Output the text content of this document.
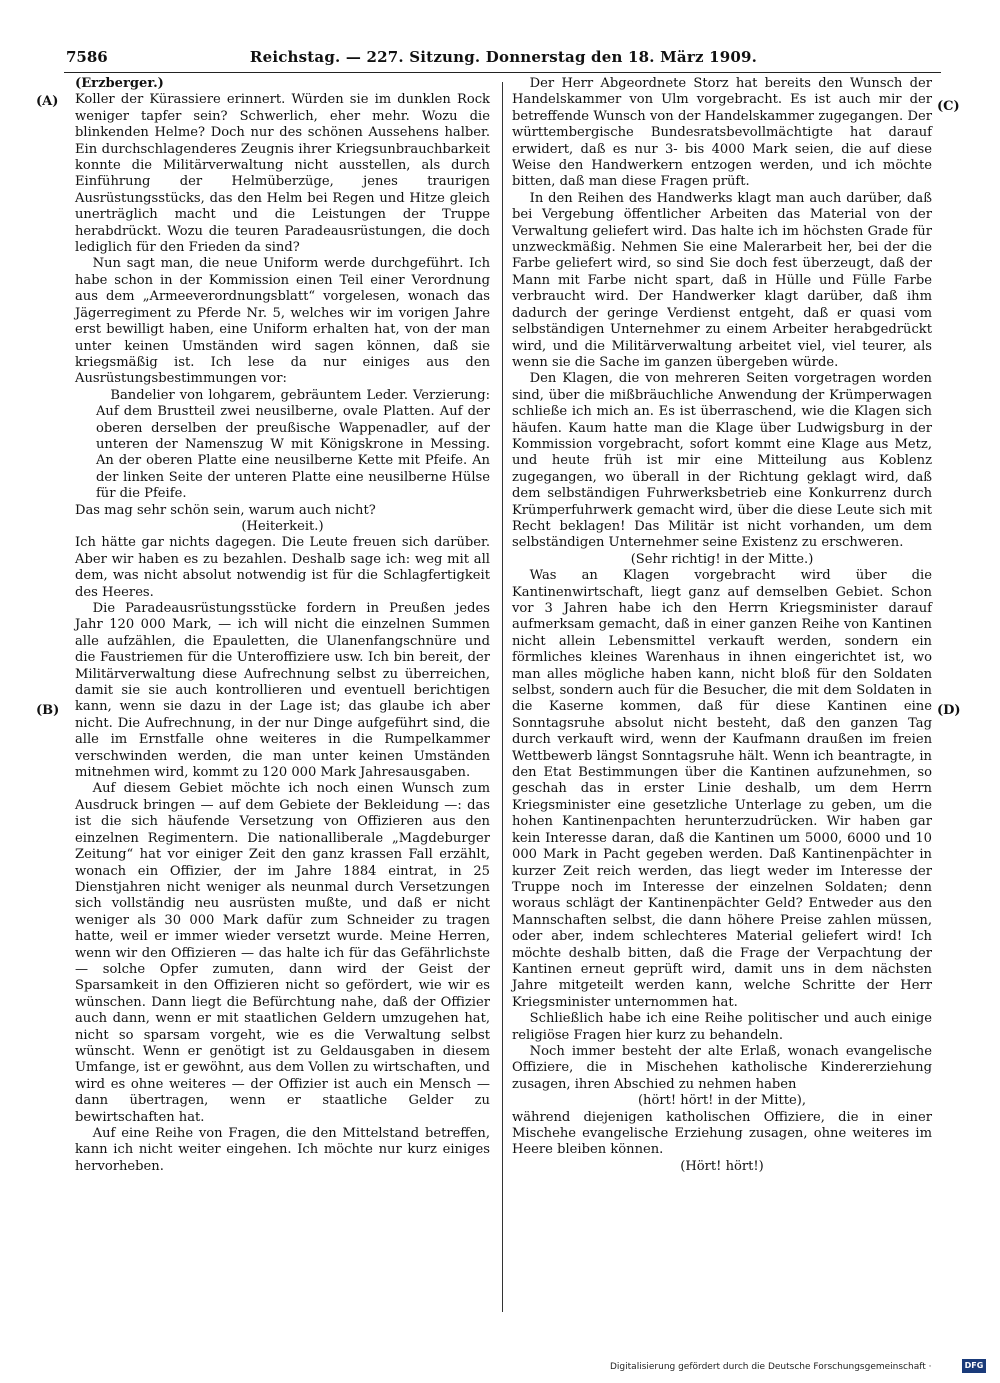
7586	Reichstag. — 227. Sitzung. Donnerstag den 18. März 1909.
(A)
(B)
(C)
(D)

(Erzberger.)

Koller der Kürassiere erinnert. Würden sie im dunklen Rock weniger tapfer sein? Schwerlich, eher mehr. Wozu die blinkenden Helme? Doch nur des schönen Aussehens halber. Ein durchschlagenderes Zeugnis ihrer Kriegsunbrauchbarkeit konnte die Militärverwaltung nicht ausstellen, als durch Einführung der Helmüberzüge, jenes traurigen Ausrüstungsstücks, das den Helm bei Regen und Hitze gleich unerträglich macht und die Leistungen der Truppe herabdrückt. Wozu die teuren Paradeausrüstungen, die doch lediglich für den Frieden da sind?

Nun sagt man, die neue Uniform werde durchgeführt. Ich habe schon in der Kommission einen Teil einer Verordnung aus dem „Armeeverordnungsblatt“ vorgelesen, wonach das Jägerregiment zu Pferde Nr. 5, welches wir im vorigen Jahre erst bewilligt haben, eine Uniform erhalten hat, von der man unter keinen Umständen wird sagen können, daß sie kriegsmäßig ist. Ich lese da nur einiges aus den Ausrüstungsbestimmungen vor:

Bandelier von lohgarem, gebräuntem Leder. Verzierung: Auf dem Brustteil zwei neusilberne, ovale Platten. Auf der oberen derselben der preußische Wappenadler, auf der unteren der Namenszug W mit Königskrone in Messing. An der oberen Platte eine neusilberne Kette mit Pfeife. An der linken Seite der unteren Platte eine neusilberne Hülse für die Pfeife.

Das mag sehr schön sein, warum auch nicht?

(Heiterkeit.)

Ich hätte gar nichts dagegen. Die Leute freuen sich darüber. Aber wir haben es zu bezahlen. Deshalb sage ich: weg mit all dem, was nicht absolut notwendig ist für die Schlagfertigkeit des Heeres.

Die Paradeausrüstungsstücke fordern in Preußen jedes Jahr 120 000 Mark, — ich will nicht die einzelnen Summen alle aufzählen, die Epauletten, die Ulanenfangschnüre und die Faustriemen für die Unteroffiziere usw. Ich bin bereit, der Militärverwaltung diese Aufrechnung selbst zu überreichen, damit sie sie auch kontrollieren und eventuell berichtigen kann, wenn sie dazu in der Lage ist; das glaube ich aber nicht. Die Aufrechnung, in der nur Dinge aufgeführt sind, die alle im Ernstfalle ohne weiteres in die Rumpelkammer verschwinden werden, die man unter keinen Umständen mitnehmen wird, kommt zu 120 000 Mark Jahresausgaben.

Auf diesem Gebiet möchte ich noch einen Wunsch zum Ausdruck bringen — auf dem Gebiete der Bekleidung —: das ist die sich häufende Versetzung von Offizieren aus den einzelnen Regimentern. Die nationalliberale „Magdeburger Zeitung“ hat vor einiger Zeit den ganz krassen Fall erzählt, wonach ein Offizier, der im Jahre 1884 eintrat, in 25 Dienstjahren nicht weniger als neunmal durch Versetzungen sich vollständig neu ausrüsten mußte, und daß er nicht weniger als 30 000 Mark dafür zum Schneider zu tragen hatte, weil er immer wieder versetzt wurde. Meine Herren, wenn wir den Offizieren — das halte ich für das Gefährlichste — solche Opfer zumuten, dann wird der Geist der Sparsamkeit in den Offizieren nicht so gefördert, wie wir es wünschen. Dann liegt die Befürchtung nahe, daß der Offizier auch dann, wenn er mit staatlichen Geldern umzugehen hat, nicht so sparsam vorgeht, wie es die Verwaltung selbst wünscht. Wenn er genötigt ist zu Geldausgaben in diesem Umfange, ist er gewöhnt, aus dem Vollen zu wirtschaften, und wird es ohne weiteres — der Offizier ist auch ein Mensch — dann übertragen, wenn er staatliche Gelder zu bewirtschaften hat.

Auf eine Reihe von Fragen, die den Mittelstand betreffen, kann ich nicht weiter eingehen. Ich möchte nur kurz einiges hervorheben.

Der Herr Abgeordnete Storz hat bereits den Wunsch der Handelskammer von Ulm vorgebracht. Es ist auch mir der betreffende Wunsch von der Handelskammer zugegangen. Der württembergische Bundesratsbevollmächtigte hat darauf erwidert, daß es nur 3- bis 4000 Mark seien, die auf diese Weise den Handwerkern entzogen werden, und ich möchte bitten, daß man diese Fragen prüft.

In den Reihen des Handwerks klagt man auch darüber, daß bei Vergebung öffentlicher Arbeiten das Material von der Verwaltung geliefert wird. Das halte ich im höchsten Grade für unzweckmäßig. Nehmen Sie eine Malerarbeit her, bei der die Farbe geliefert wird, so sind Sie doch fest überzeugt, daß der Mann mit Farbe nicht spart, daß in Hülle und Fülle Farbe verbraucht wird. Der Handwerker klagt darüber, daß ihm dadurch der geringe Verdienst entgeht, daß er quasi vom selbständigen Unternehmer zu einem Arbeiter herabgedrückt wird, und die Militärverwaltung arbeitet viel, viel teurer, als wenn sie die Sache im ganzen übergeben würde.

Den Klagen, die von mehreren Seiten vorgetragen worden sind, über die mißbräuchliche Anwendung der Krümperwagen schließe ich mich an. Es ist überraschend, wie die Klagen sich häufen. Kaum hatte man die Klage über Ludwigsburg in der Kommission vorgebracht, sofort kommt eine Klage aus Metz, und heute früh ist mir eine Mitteilung aus Koblenz zugegangen, wo überall in der Richtung geklagt wird, daß dem selbständigen Fuhrwerksbetrieb eine Konkurrenz durch Krümperfuhrwerk gemacht wird, über die diese Leute sich mit Recht beklagen! Das Militär ist nicht vorhanden, um dem selbständigen Unternehmer seine Existenz zu erschweren.

(Sehr richtig! in der Mitte.)

Was an Klagen vorgebracht wird über die Kantinenwirtschaft, liegt ganz auf demselben Gebiet. Schon vor 3 Jahren habe ich den Herrn Kriegsminister darauf aufmerksam gemacht, daß in einer ganzen Reihe von Kantinen nicht allein Lebensmittel verkauft werden, sondern ein förmliches kleines Warenhaus in ihnen eingerichtet ist, wo man alles mögliche haben kann, nicht bloß für den Soldaten selbst, sondern auch für die Besucher, die mit dem Soldaten in die Kaserne kommen, daß für diese Kantinen eine Sonntagsruhe absolut nicht besteht, daß den ganzen Tag durch verkauft wird, wenn der Kaufmann draußen im freien Wettbewerb längst Sonntagsruhe hält. Wenn ich beantragte, in den Etat Bestimmungen über die Kantinen aufzunehmen, so geschah das in erster Linie deshalb, um dem Herrn Kriegsminister eine gesetzliche Unterlage zu geben, um die hohen Kantinenpachten herunterzudrücken. Wir haben gar kein Interesse daran, daß die Kantinen um 5000, 6000 und 10 000 Mark in Pacht gegeben werden. Daß Kantinenpächter in kurzer Zeit reich werden, das liegt weder im Interesse der Truppe noch im Interesse der einzelnen Soldaten; denn woraus schlägt der Kantinenpächter Geld? Entweder aus den Mannschaften selbst, die dann höhere Preise zahlen müssen, oder aber, indem schlechteres Material geliefert wird! Ich möchte deshalb bitten, daß die Frage der Verpachtung der Kantinen erneut geprüft wird, damit uns in dem nächsten Jahre mitgeteilt werden kann, welche Schritte der Herr Kriegsminister unternommen hat.

Schließlich habe ich eine Reihe politischer und auch einige religiöse Fragen hier kurz zu behandeln.

Noch immer besteht der alte Erlaß, wonach evangelische Offiziere, die in Mischehen katholische Kindererziehung zusagen, ihren Abschied zu nehmen haben

(hört! hört! in der Mitte),

während diejenigen katholischen Offiziere, die in einer Mischehe evangelische Erziehung zusagen, ohne weiteres im Heere bleiben können.

(Hört! hört!)

Digitalisierung gefördert durch die Deutsche Forschungsgemeinschaft ·	DFG
